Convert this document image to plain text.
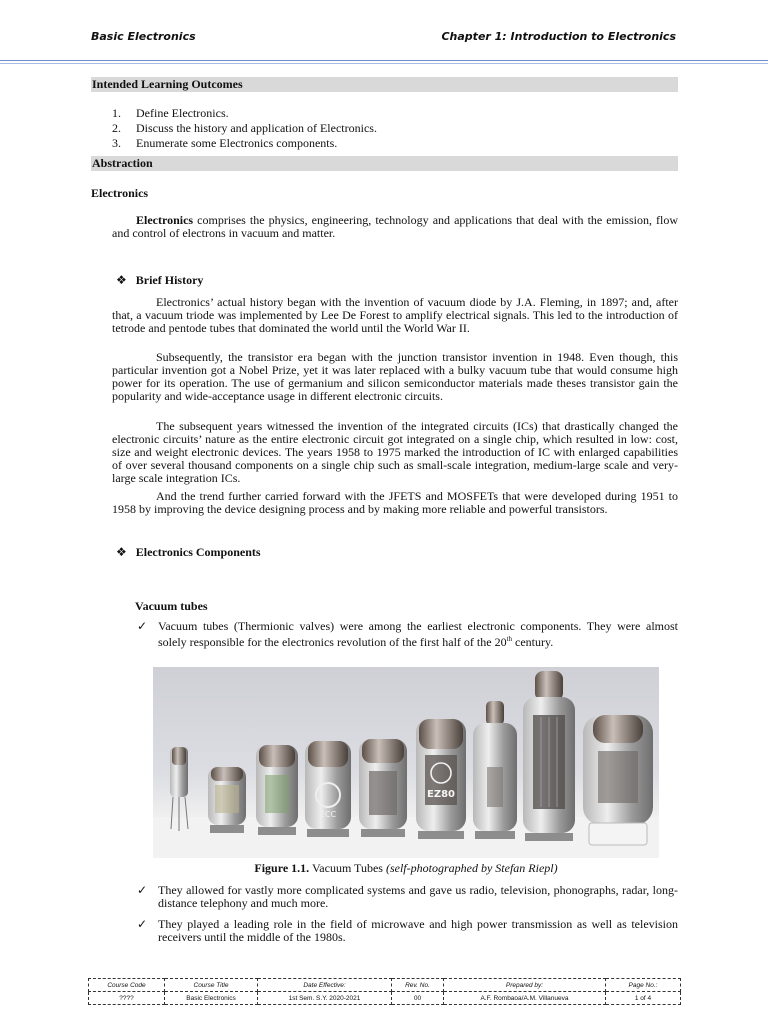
Basic Electronics	Chapter 1: Introduction to Electronics
Intended Learning Outcomes
1. Define Electronics.
2. Discuss the history and application of Electronics.
3. Enumerate some Electronics components.
Abstraction
Electronics

Electronics comprises the physics, engineering, technology and applications that deal with the emission, flow and control of electrons in vacuum and matter.

❖ Brief History

Electronics’ actual history began with the invention of vacuum diode by J.A. Fleming, in 1897; and, after that, a vacuum triode was implemented by Lee De Forest to amplify electrical signals. This led to the introduction of tetrode and pentode tubes that dominated the world until the World War II.

Subsequently, the transistor era began with the junction transistor invention in 1948. Even though, this particular invention got a Nobel Prize, yet it was later replaced with a bulky vacuum tube that would consume high power for its operation. The use of germanium and silicon semiconductor materials made theses transistor gain the popularity and wide-acceptance usage in different electronic circuits.

The subsequent years witnessed the invention of the integrated circuits (ICs) that drastically changed the electronic circuits’ nature as the entire electronic circuit got integrated on a single chip, which resulted in low: cost, size and weight electronic devices. The years 1958 to 1975 marked the introduction of IC with enlarged capabilities of over several thousand components on a single chip such as small-scale integration, medium-large scale and very-large scale integration ICs.

And the trend further carried forward with the JFETS and MOSFETs that were developed during 1951 to 1958 by improving the device designing process and by making more reliable and powerful transistors.

❖ Electronics Components
Vacuum tubes
✓ Vacuum tubes (Thermionic valves) were among the earliest electronic components. They were almost solely responsible for the electronics revolution of the first half of the 20th century.

ECC
EZ80
Figure 1.1. Vacuum Tubes (self-photographed by Stefan Riepl)
✓ They allowed for vastly more complicated systems and gave us radio, television, phonographs, radar, long-distance telephony and much more.

✓ They played a leading role in the field of microwave and high power transmission as well as television receivers until the middle of the 1980s.

Course Code	Course Title	Date Effective:	Rev. No.	Prepared by:	Page No.:
????	Basic Electronics	1st Sem. S.Y. 2020-2021	00	A.F. Rombaoa/A.M. Villanueva	1 of 4
